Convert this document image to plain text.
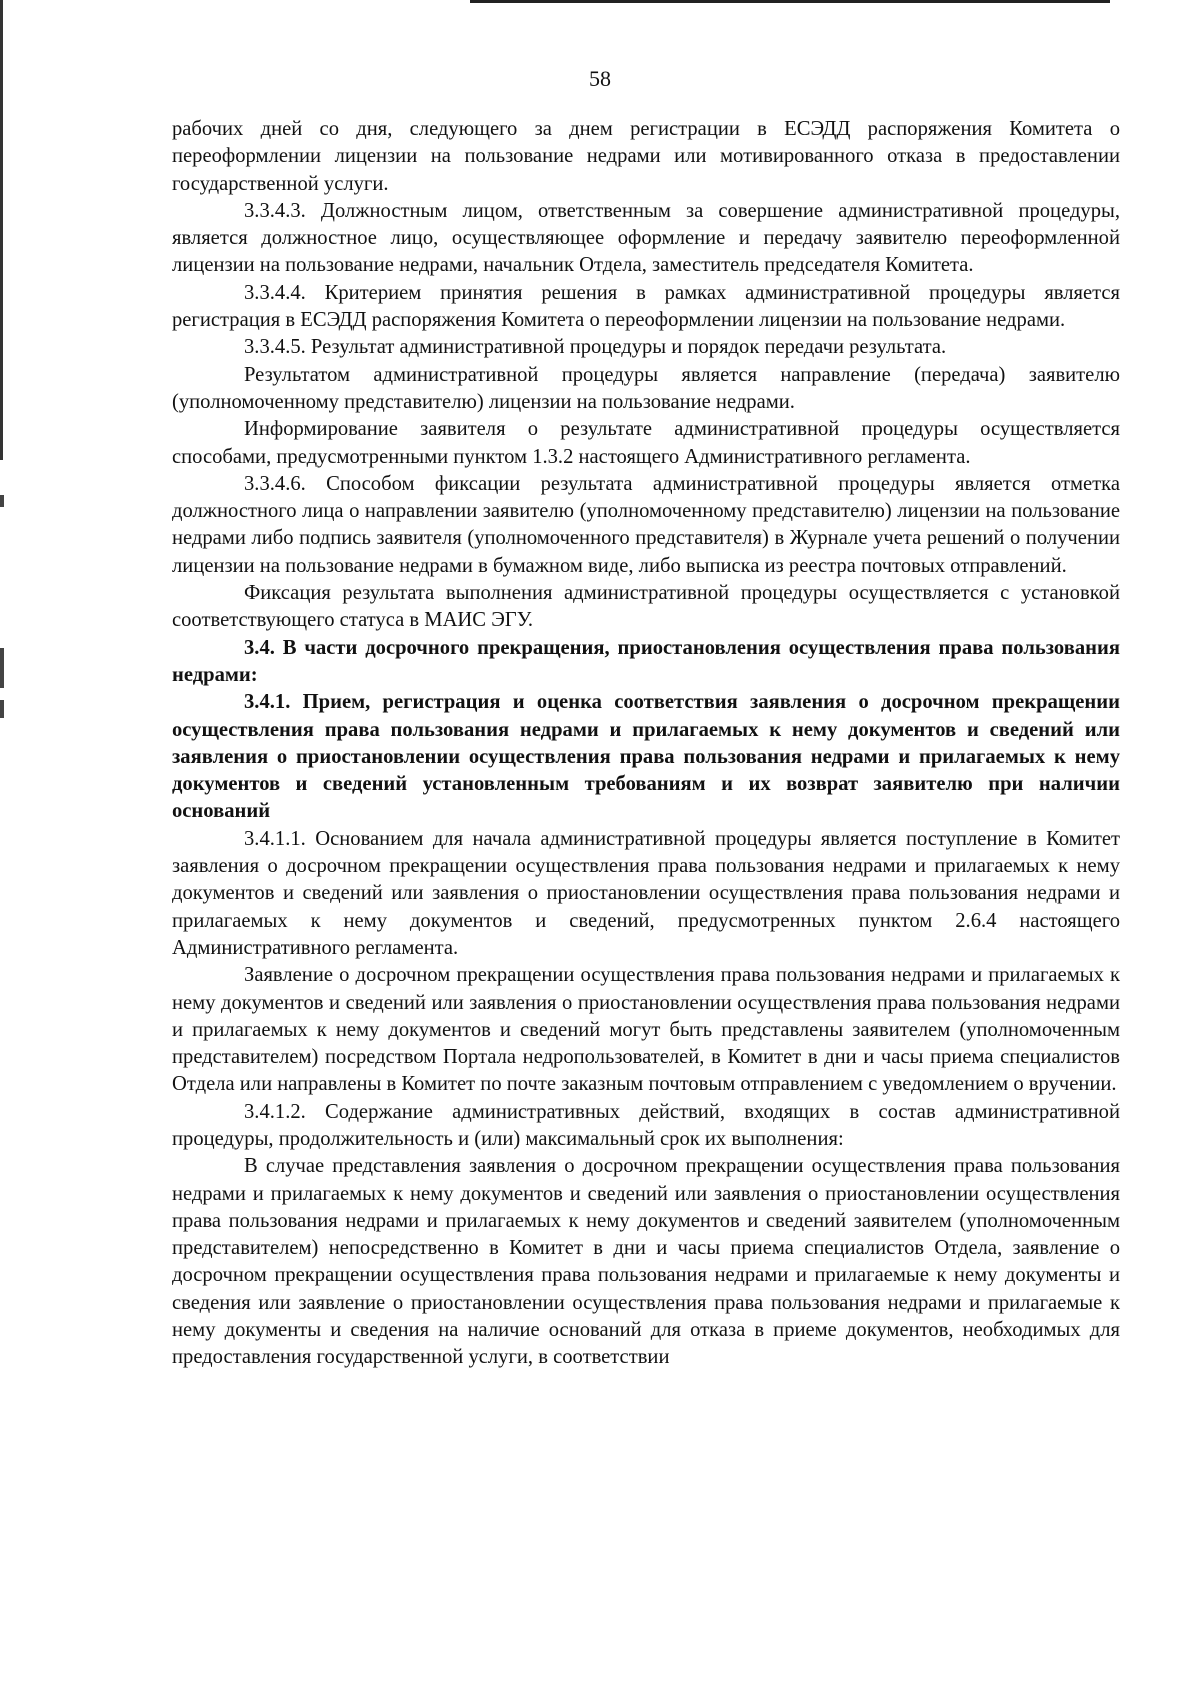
58

рабочих дней со дня, следующего за днем регистрации в ЕСЭДД распоряжения Комитета о переоформлении лицензии на пользование недрами или мотивированного отказа в предоставлении государственной услуги.

3.3.4.3. Должностным лицом, ответственным за совершение административной процедуры, является должностное лицо, осуществляющее оформление и передачу заявителю переоформленной лицензии на пользование недрами, начальник Отдела, заместитель председателя Комитета.

3.3.4.4. Критерием принятия решения в рамках административной процедуры является регистрация в ЕСЭДД распоряжения Комитета о переоформлении лицензии на пользование недрами.

3.3.4.5. Результат административной процедуры и порядок передачи результата.

Результатом административной процедуры является направление (передача) заявителю (уполномоченному представителю) лицензии на пользование недрами.

Информирование заявителя о результате административной процедуры осуществляется способами, предусмотренными пунктом 1.3.2 настоящего Административного регламента.

3.3.4.6. Способом фиксации результата административной процедуры является отметка должностного лица о направлении заявителю (уполномоченному представителю) лицензии на пользование недрами либо подпись заявителя (уполномоченного представителя) в Журнале учета решений о получении лицензии на пользование недрами в бумажном виде, либо выписка из реестра почтовых отправлений.

Фиксация результата выполнения административной процедуры осуществляется с установкой соответствующего статуса в МАИС ЭГУ.

3.4. В части досрочного прекращения, приостановления осуществления права пользования недрами:

3.4.1. Прием, регистрация и оценка соответствия заявления о досрочном прекращении осуществления права пользования недрами и прилагаемых к нему документов и сведений или заявления о приостановлении осуществления права пользования недрами и прилагаемых к нему документов и сведений установленным требованиям и их возврат заявителю при наличии оснований

3.4.1.1. Основанием для начала административной процедуры является поступление в Комитет заявления о досрочном прекращении осуществления права пользования недрами и прилагаемых к нему документов и сведений или заявления о приостановлении осуществления права пользования недрами и прилагаемых к нему документов и сведений, предусмотренных пунктом 2.6.4 настоящего Административного регламента.

Заявление о досрочном прекращении осуществления права пользования недрами и прилагаемых к нему документов и сведений или заявления о приостановлении осуществления права пользования недрами и прилагаемых к нему документов и сведений могут быть представлены заявителем (уполномоченным представителем) посредством Портала недропользователей, в Комитет в дни и часы приема специалистов Отдела или направлены в Комитет по почте заказным почтовым отправлением с уведомлением о вручении.

3.4.1.2. Содержание административных действий, входящих в состав административной процедуры, продолжительность и (или) максимальный срок их выполнения:

В случае представления заявления о досрочном прекращении осуществления права пользования недрами и прилагаемых к нему документов и сведений или заявления о приостановлении осуществления права пользования недрами и прилагаемых к нему документов и сведений заявителем (уполномоченным представителем) непосредственно в Комитет в дни и часы приема специалистов Отдела, заявление о досрочном прекращении осуществления права пользования недрами и прилагаемые к нему документы и сведения или заявление о приостановлении осуществления права пользования недрами и прилагаемые к нему документы и сведения на наличие оснований для отказа в приеме документов, необходимых для предоставления государственной услуги, в соответствии
